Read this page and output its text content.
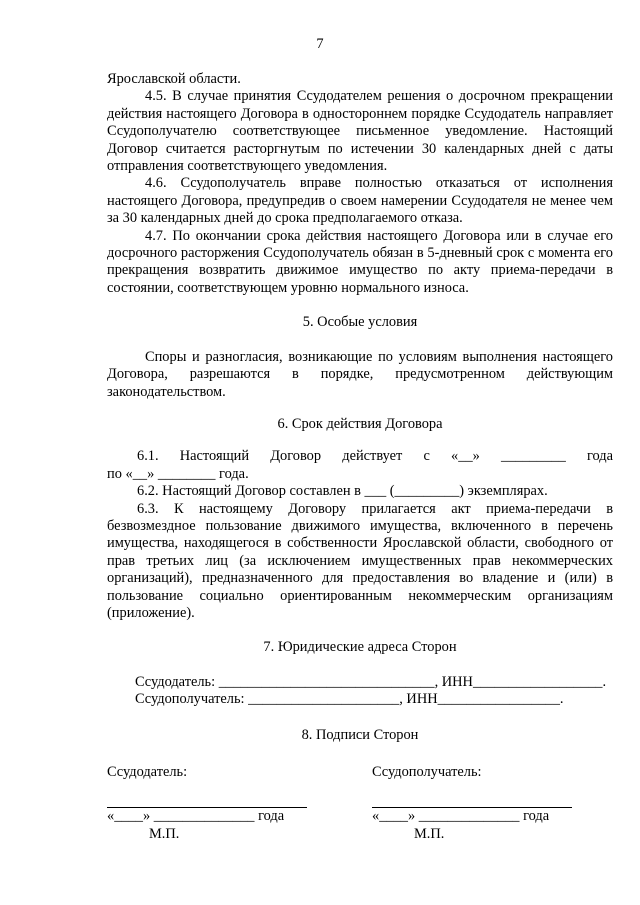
7

Ярославской области.

4.5. В случае принятия Ссудодателем решения о досрочном прекращении действия настоящего Договора в одностороннем порядке Ссудодатель направляет Ссудополучателю соответствующее письменное уведомление. Настоящий Договор считается расторгнутым по истечении 30 календарных дней с даты отправления соответствующего уведомления.

4.6. Ссудополучатель вправе полностью отказаться от исполнения настоящего Договора, предупредив о своем намерении Ссудодателя не менее чем за 30 календарных дней до срока предполагаемого отказа.

4.7. По окончании срока действия настоящего Договора или в случае его досрочного расторжения Ссудополучатель обязан в 5-дневный срок с момента его прекращения возвратить движимое имущество по акту приема-передачи в состоянии, соответствующем уровню нормального износа.

5. Особые условия

Споры и разногласия, возникающие по условиям выполнения настоящего Договора, разрешаются в порядке, предусмотренном действующим законодательством.

6. Срок действия Договора

6.1. Настоящий Договор действует с «__» _________ года

по «__» ________ года.

6.2. Настоящий Договор составлен в ___ (_________) экземплярах.

6.3. К настоящему Договору прилагается акт приема-передачи в безвозмездное пользование движимого имущества, включенного в перечень имущества, находящегося в собственности Ярославской области, свободного от прав третьих лиц (за исключением имущественных прав некоммерческих организаций), предназначенного для предоставления во владение и (или) в пользование социально ориентированным некоммерческим организациям (приложение).

7. Юридические адреса Сторон

Ссудодатель: ______________________________, ИНН__________________.

Ссудополучатель: _____________________, ИНН_________________.

8. Подписи Сторон

Ссудодатель:
«____» ______________ года
М.П.
Ссудополучатель:
«____» ______________ года
М.П.
